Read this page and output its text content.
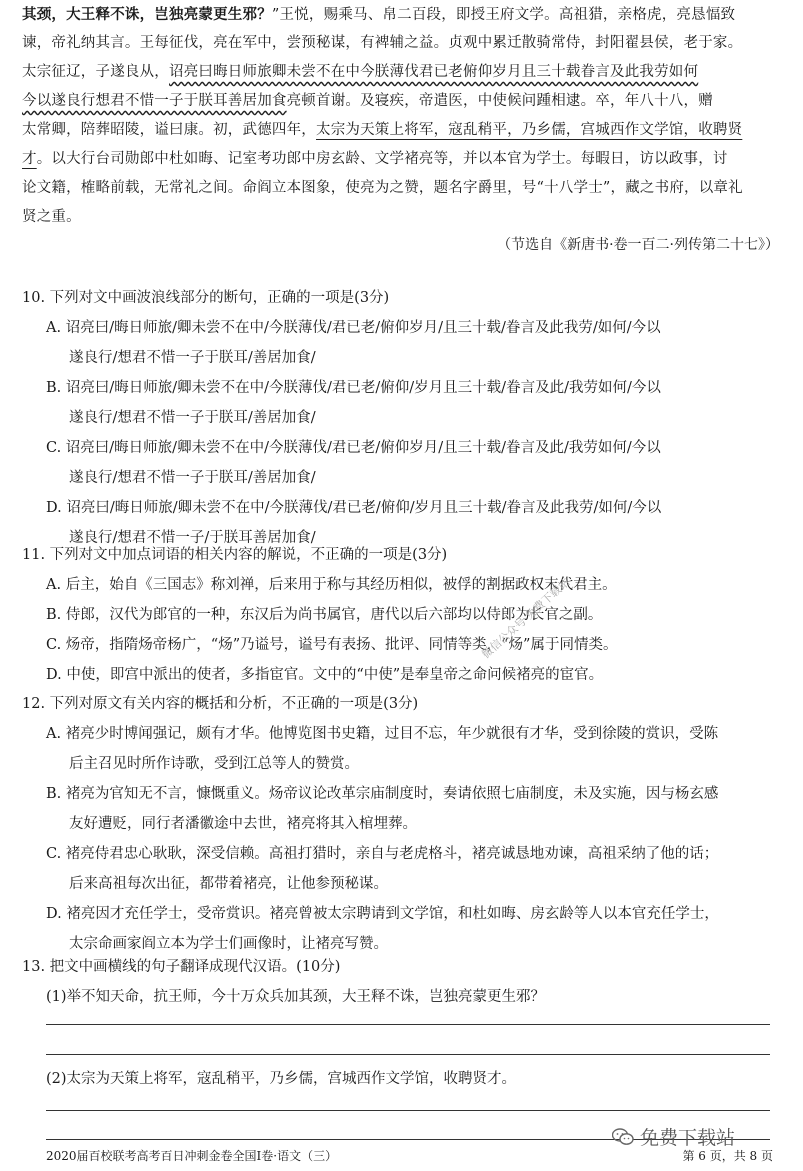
其颈，大王释不诛，岂独亮蒙更生邪？”王悦，赐乘马、帛二百段，即授王府文学。高祖猎，亲格虎，亮恳愊致
谏，帝礼纳其言。王每征伐，亮在军中，尝预秘谋，有裨辅之益。贞观中累迁散骑常侍，封阳翟县侯，老于家。
太宗征辽，子遂良从，诏亮曰晦日师旅卿未尝不在中今朕薄伐君已老俯仰岁月且三十载眷言及此我劳如何
今以遂良行想君不惜一子于朕耳善居加食亮顿首谢。及寝疾，帝遣医，中使候问踵相逮。卒，年八十八，赠
太常卿，陪葬昭陵，谥曰康。初，武德四年，太宗为天策上将军，寇乱稍平，乃乡儒，宫城西作文学馆，收聘贤
才。以大行台司勋郎中杜如晦、记室考功郎中房玄龄、文学褚亮等，并以本官为学士。每暇日，访以政事，讨
论文籍，榷略前载，无常礼之间。命阎立本图象，使亮为之赞，题名字爵里，号“十八学士”，藏之书府，以章礼
贤之重。
（节选自《新唐书·卷一百二·列传第二十七》）
10. 下列对文中画波浪线部分的断句，正确的一项是(3分)
A. 诏亮曰/晦日师旅/卿未尝不在中/今朕薄伐/君已老/俯仰岁月/且三十载/眷言及此我劳/如何/今以
遂良行/想君不惜一子于朕耳/善居加食/
B. 诏亮曰/晦日师旅/卿未尝不在中/今朕薄伐/君已老/俯仰/岁月且三十载/眷言及此/我劳如何/今以
遂良行/想君不惜一子于朕耳/善居加食/
C. 诏亮曰/晦日师旅/卿未尝不在中/今朕薄伐/君已老/俯仰岁月/且三十载/眷言及此/我劳如何/今以
遂良行/想君不惜一子于朕耳/善居加食/
D. 诏亮曰/晦日师旅/卿未尝不在中/今朕薄伐/君已老/俯仰/岁月且三十载/眷言及此我劳/如何/今以
遂良行/想君不惜一子/于朕耳善居加食/
11. 下列对文中加点词语的相关内容的解说，不正确的一项是(3分)
A. 后主，始自《三国志》称刘禅，后来用于称与其经历相似，被俘的割据政权末代君主。
B. 侍郎，汉代为郎官的一种，东汉后为尚书属官，唐代以后六部均以侍郎为长官之副。
C. 炀帝，指隋炀帝杨广，“炀”乃谥号，谥号有表扬、批评、同情等类，“炀”属于同情类。
D. 中使，即宫中派出的使者，多指宦官。文中的“中使”是奉皇帝之命问候褚亮的宦官。
12. 下列对原文有关内容的概括和分析，不正确的一项是(3分)
A. 褚亮少时博闻强记，颇有才华。他博览图书史籍，过目不忘，年少就很有才华，受到徐陵的赏识，受陈
后主召见时所作诗歌，受到江总等人的赞赏。
B. 褚亮为官知无不言，慷慨重义。炀帝议论改革宗庙制度时，奏请依照七庙制度，未及实施，因与杨玄感
友好遭贬，同行者潘徽途中去世，褚亮将其入棺埋葬。
C. 褚亮侍君忠心耿耿，深受信赖。高祖打猎时，亲自与老虎格斗，褚亮诚恳地劝谏，高祖采纳了他的话；
后来高祖每次出征，都带着褚亮，让他参预秘谋。
D. 褚亮因才充任学士，受帝赏识。褚亮曾被太宗聘请到文学馆，和杜如晦、房玄龄等人以本官充任学士，
太宗命画家阎立本为学士们画像时，让褚亮写赞。
13. 把文中画横线的句子翻译成现代汉语。(10分)
(1)举不知天命，抗王师，今十万众兵加其颈，大王释不诛，岂独亮蒙更生邪？
(2)太宗为天策上将军，寇乱稍平，乃乡儒，宫城西作文学馆，收聘贤才。
微信公众号 免费下载站
免费下载站
2020届百校联考高考百日冲刺金卷全国Ⅰ卷·语文（三）	第 6 页，共 8 页
